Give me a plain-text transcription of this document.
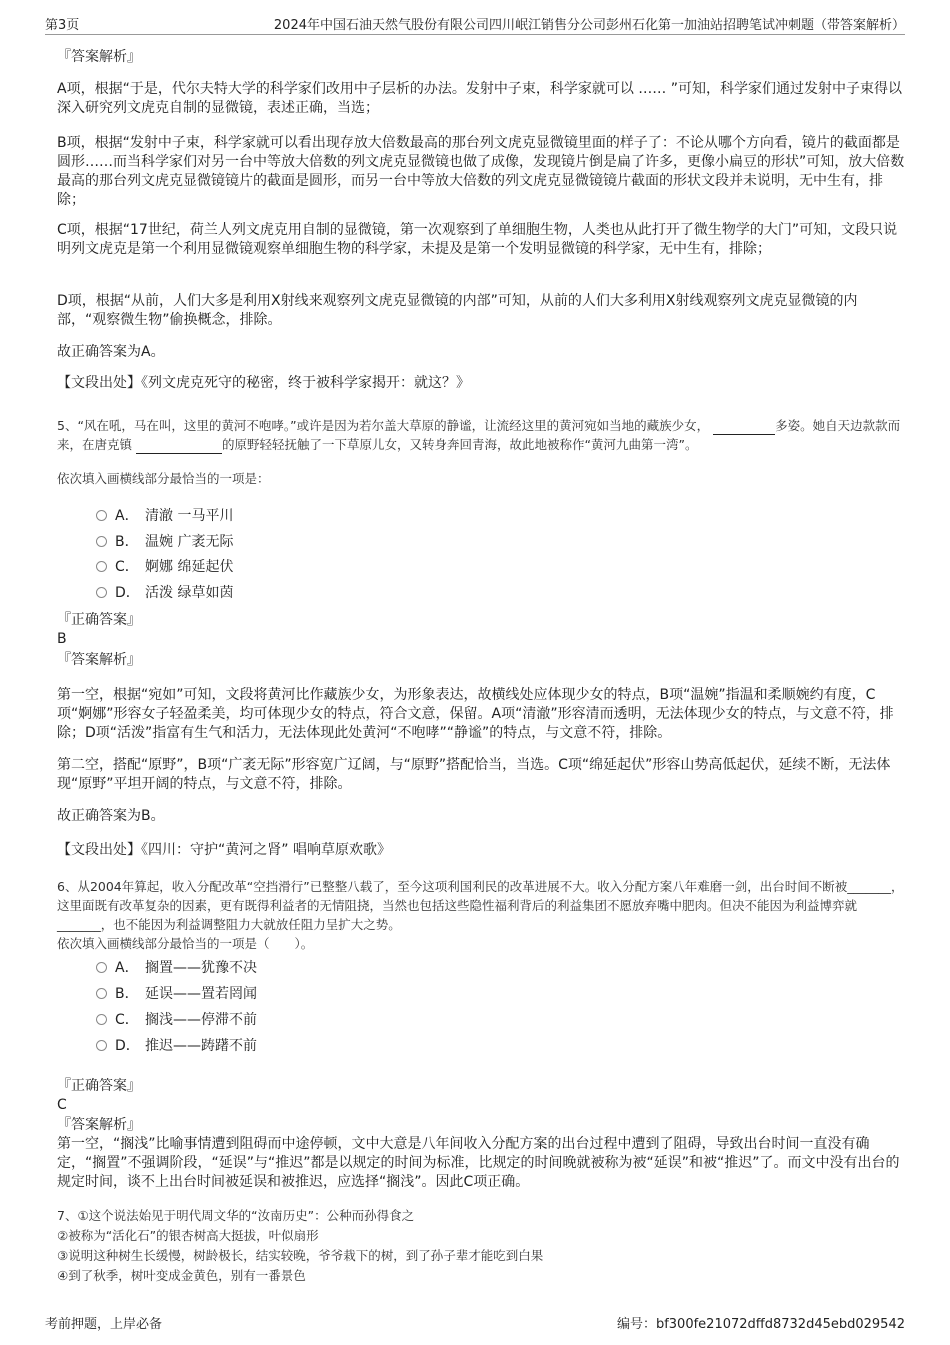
第3页	2024年中国石油天然气股份有限公司四川岷江销售分公司彭州石化第一加油站招聘笔试冲刺题（带答案解析）

『答案解析』

A项，根据“于是，代尔夫特大学的科学家们改用中子层析的办法。发射中子束，科学家就可以 …… ”可知，科学家们通过发射中子束得以深入研究列文虎克自制的显微镜，表述正确，当选；

B项，根据“发射中子束，科学家就可以看出现存放大倍数最高的那台列文虎克显微镜里面的样子了：不论从哪个方向看，镜片的截面都是圆形……而当科学家们对另一台中等放大倍数的列文虎克显微镜也做了成像，发现镜片倒是扁了许多，更像小扁豆的形状”可知，放大倍数最高的那台列文虎克显微镜镜片的截面是圆形，而另一台中等放大倍数的列文虎克显微镜镜片截面的形状文段并未说明，无中生有，排除；

C项，根据“17世纪，荷兰人列文虎克用自制的显微镜，第一次观察到了单细胞生物，人类也从此打开了微生物学的大门”可知，文段只说明列文虎克是第一个利用显微镜观察单细胞生物的科学家，未提及是第一个发明显微镜的科学家，无中生有，排除；

D项，根据“从前，人们大多是利用X射线来观察列文虎克显微镜的内部”可知，从前的人们大多利用X射线观察列文虎克显微镜的内部，“观察微生物”偷换概念，排除。

故正确答案为A。

【文段出处】《列文虎克死守的秘密，终于被科学家揭开：就这？》

5、“风在吼，马在叫，这里的黄河不咆哮。”或许是因为若尔盖大草原的静谧，让流经这里的黄河宛如当地的藏族少女，	多姿。她自天边款款而来，在唐克镇	的原野轻轻抚触了一下草原儿女，又转身奔回青海，故此地被称作“黄河九曲第一湾”。

依次填入画横线部分最恰当的一项是：

A． 清澈 一马平川
B． 温婉 广袤无际
C． 婀娜 绵延起伏
D． 活泼 绿草如茵

『正确答案』

B

『答案解析』

第一空，根据“宛如”可知，文段将黄河比作藏族少女，为形象表达，故横线处应体现少女的特点，B项“温婉”指温和柔顺婉约有度，C项“婀娜”形容女子轻盈柔美，均可体现少女的特点，符合文意，保留。A项“清澈”形容清而透明，无法体现少女的特点，与文意不符，排除；D项“活泼”指富有生气和活力，无法体现此处黄河“不咆哮”“静谧”的特点，与文意不符，排除。

第二空，搭配“原野”，B项“广袤无际”形容宽广辽阔，与“原野”搭配恰当，当选。C项“绵延起伏”形容山势高低起伏，延续不断，无法体现“原野”平坦开阔的特点，与文意不符，排除。

故正确答案为B。

【文段出处】《四川：守护“黄河之肾” 唱响草原欢歌》

6、从2004年算起，收入分配改革“空挡滑行”已整整八载了，至今这项利国利民的改革进展不大。收入分配方案八年难磨一剑，出台时间不断被_______，这里面既有改革复杂的因素，更有既得利益者的无情阻挠，当然也包括这些隐性福利背后的利益集团不愿放弃嘴中肥肉。但决不能因为利益博弈就_______，也不能因为利益调整阻力大就放任阻力呈扩大之势。

依次填入画横线部分最恰当的一项是（　　）。

A． 搁置——犹豫不决
B． 延误——置若罔闻
C． 搁浅——停滞不前
D． 推迟——踌躇不前

『正确答案』

C

『答案解析』

第一空，“搁浅”比喻事情遭到阻碍而中途停顿，文中大意是八年间收入分配方案的出台过程中遭到了阻碍，导致出台时间一直没有确定，“搁置”不强调阶段，“延误”与“推迟”都是以规定的时间为标准，比规定的时间晚就被称为被“延误”和被“推迟”了。而文中没有出台的规定时间，谈不上出台时间被延误和被推迟，应选择“搁浅”。因此C项正确。

7、①这个说法始见于明代周文华的“汝南历史”：公种而孙得食之

②被称为“活化石”的银杏树高大挺拔，叶似扇形

③说明这种树生长缓慢，树龄极长，结实较晚，爷爷栽下的树，到了孙子辈才能吃到白果

④到了秋季，树叶变成金黄色，别有一番景色

考前押题，上岸必备	编号：bf300fe21072dffd8732d45ebd029542
